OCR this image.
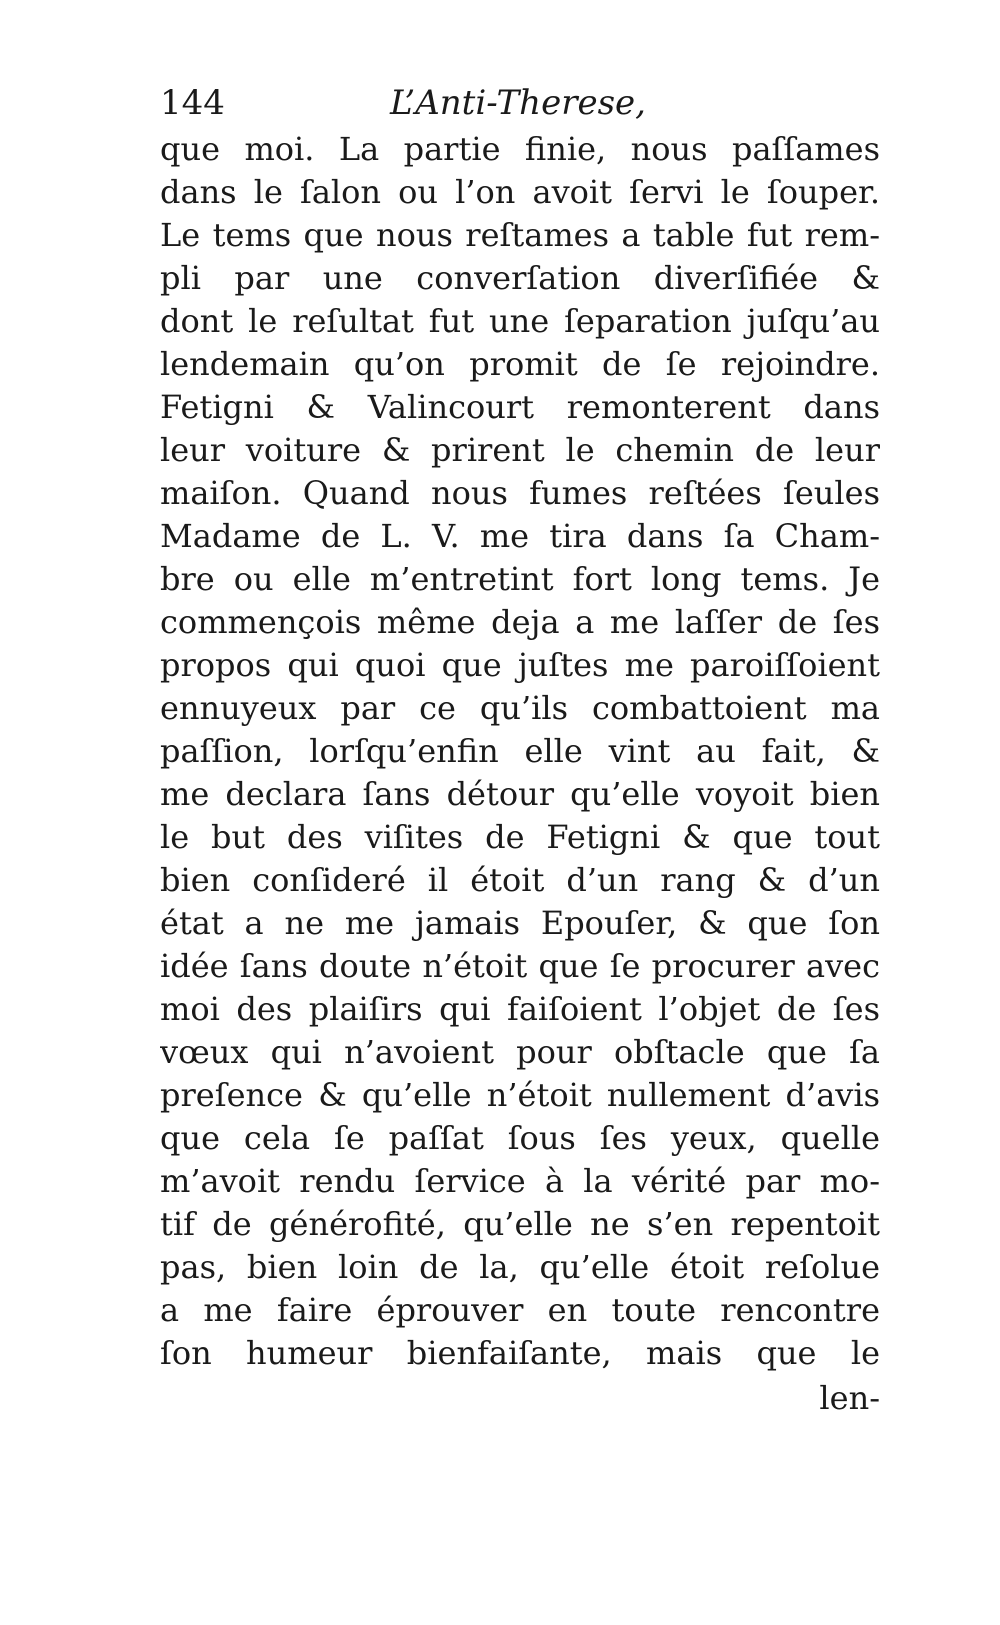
144	L’Anti-Therese,
que moi. La partie finie, nous paſſames
dans le ſalon ou l’on avoit ſervi le ſouper.
Le tems que nous reſtames a table fut rem-
pli par une converſation diverſifiée &
dont le reſultat fut une ſeparation juſqu’au
lendemain qu’on promit de ſe rejoindre.
Fetigni & Valincourt remonterent dans
leur voiture & prirent le chemin de leur
maiſon. Quand nous fumes reſtées ſeules
Madame de L. V. me tira dans ſa Cham-
bre ou elle m’entretint fort long tems. Je
commençois même deja a me laſſer de ſes
propos qui quoi que juſtes me paroiſſoient
ennuyeux par ce qu’ils combattoient ma
paſſion, lorſqu’enfin elle vint au fait, &
me declara ſans détour qu’elle voyoit bien
le but des viſites de Fetigni & que tout
bien conſideré il étoit d’un rang & d’un
état a ne me jamais Epouſer, & que ſon
idée ſans doute n’étoit que ſe procurer avec
moi des plaiſirs qui faiſoient l’objet de ſes
vœux qui n’avoient pour obſtacle que ſa
preſence & qu’elle n’étoit nullement d’avis
que cela ſe paſſat ſous ſes yeux, quelle
m’avoit rendu ſervice à la vérité par mo-
tif de générofité, qu’elle ne s’en repentoit
pas, bien loin de la, qu’elle étoit reſolue
a me faire éprouver en toute rencontre
ſon humeur bienfaiſante, mais que le
len-
